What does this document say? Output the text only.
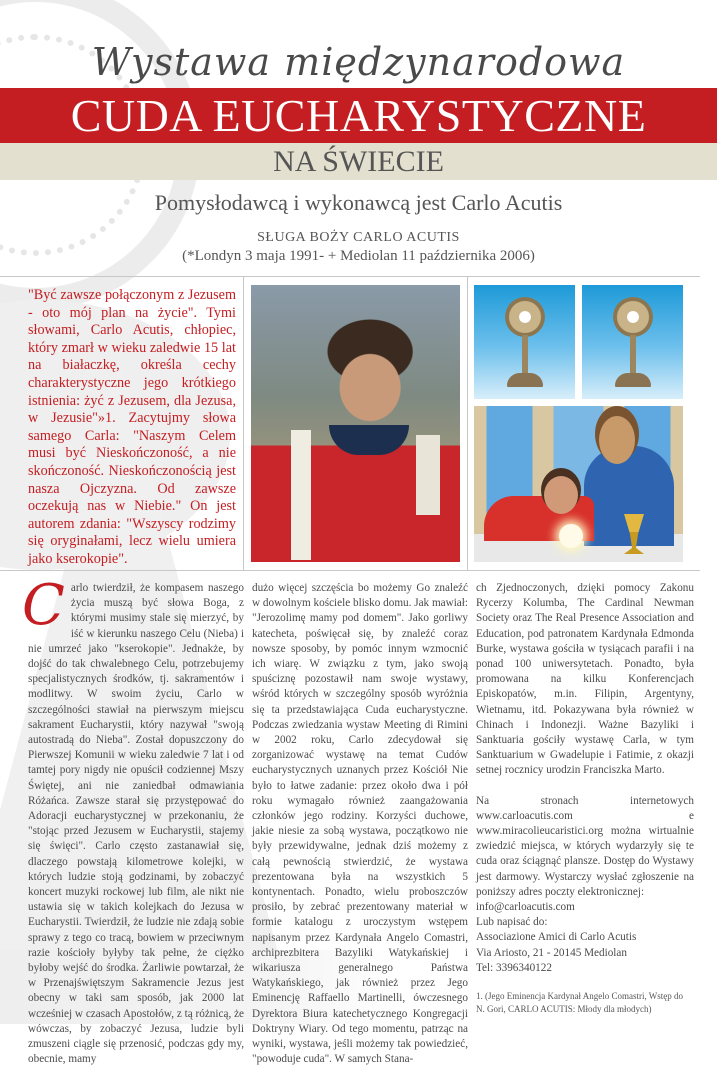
Wystawa międzynarodowa
CUDA EUCHARYSTYCZNE
NA ŚWIECIE
Pomysłodawcą i wykonawcą jest Carlo Acutis
SŁUGA BOŻY CARLO ACUTIS
(*Londyn 3 maja 1991- + Mediolan 11 października 2006)
"Być zawsze połączonym z Jezusem - oto mój plan na życie". Tymi słowami, Carlo Acutis, chłopiec, który zmarł w wieku zaledwie 15 lat na białaczkę, określa cechy charakterystyczne jego krótkiego istnienia: żyć z Jezusem, dla Jezusa, w Jezusie"»1. Zacytujmy słowa samego Carla: "Naszym Celem musi być Nieskończoność, a nie skończoność. Nieskończonością jest nasza Ojczyzna. Od zawsze oczekują nas w Niebie." On jest autorem zdania: "Wszyscy rodzimy się oryginałami, lecz wielu umiera jako kserokopie".
C arlo twierdził, że kompasem naszego życia muszą być słowa Boga, z którymi musimy stale się mierzyć, by iść w kierunku naszego Celu (Nieba) i nie umrzeć jako "kserokopie". Jednakże, by dojść do tak chwalebnego Celu, potrzebujemy specjalistycznych środków, tj. sakramentów i modlitwy. W swoim życiu, Carlo w szczególności stawiał na pierwszym miejscu sakrament Eucharystii, który nazywał "swoją autostradą do Nieba". Został dopuszczony do Pierwszej Komunii w wieku zaledwie 7 lat i od tamtej pory nigdy nie opuścił codziennej Mszy Świętej, ani nie zaniedbał odmawiania Różańca. Zawsze starał się przystępować do Adoracji eucharystycznej w przekonaniu, że "stojąc przed Jezusem w Eucharystii, stajemy się święci". Carlo często zastanawiał się, dlaczego powstają kilometrowe kolejki, w których ludzie stoją godzinami, by zobaczyć koncert muzyki rockowej lub film, ale nikt nie ustawia się w takich kolejkach do Jezusa w Eucharystii. Twierdził, że ludzie nie zdają sobie sprawy z tego co tracą, bowiem w przeciwnym razie kościoły byłyby tak pełne, że ciężko byłoby wejść do środka. Żarliwie powtarzał, że w Przenajświętszym Sakramencie Jezus jest obecny w taki sam sposób, jak 2000 lat wcześniej w czasach Apostołów, z tą różnicą, że wówczas, by zobaczyć Jezusa, ludzie byli zmuszeni ciągle się przenosić, podczas gdy my, obecnie, mamy

dużo więcej szczęścia bo możemy Go znaleźć w dowolnym kościele blisko domu. Jak mawiał: "Jerozolimę mamy pod domem". Jako gorliwy katecheta, poświęcał się, by znaleźć coraz nowsze sposoby, by pomóc innym wzmocnić ich wiarę. W związku z tym, jako swoją spuściznę pozostawił nam swoje wystawy, wśród których w szczególny sposób wyróżnia się ta przedstawiająca Cuda eucharystyczne. Podczas zwiedzania wystaw Meeting di Rimini w 2002 roku, Carlo zdecydował się zorganizować wystawę na temat Cudów eucharystycznych uznanych przez Kościół Nie było to łatwe zadanie: przez około dwa i pół roku wymagało również zaangażowania członków jego rodziny. Korzyści duchowe, jakie niesie za sobą wystawa, początkowo nie były przewidywalne, jednak dziś możemy z całą pewnością stwierdzić, że wystawa prezentowana była na wszystkich 5 kontynentach. Ponadto, wielu proboszczów prosiło, by zebrać prezentowany materiał w formie katalogu z uroczystym wstępem napisanym przez Kardynała Angelo Comastri, archiprezbitera Bazyliki Watykańskiej i wikariusza generalnego Państwa Watykańskiego, jak również przez Jego Eminencję Raffaello Martinelli, ówczesnego Dyrektora Biura katechetycznego Kongregacji Doktryny Wiary. Od tego momentu, patrząc na wyniki, wystawa, jeśli możemy tak powiedzieć, "powoduje cuda". W samych Stana-

ch Zjednoczonych, dzięki pomocy Zakonu Rycerzy Kolumba, The Cardinal Newman Society oraz The Real Presence Association and Education, pod patronatem Kardynała Edmonda Burke, wystawa gościła w tysiącach parafii i na ponad 100 uniwersytetach. Ponadto, była promowana na kilku Konferencjach Episkopatów, m.in. Filipin, Argentyny, Wietnamu, itd. Pokazywana była również w Chinach i Indonezji. Ważne Bazyliki i Sanktuaria gościły wystawę Carla, w tym Sanktuarium w Gwadelupie i Fatimie, z okazji setnej rocznicy urodzin Franciszka Marto.

Na stronach internetowych www.carloacutis.com e www.miracolieucaristici.org można wirtualnie zwiedzić miejsca, w których wydarzyły się te cuda oraz ściągnąć plansze. Dostęp do Wystawy jest darmowy. Wystarczy wysłać zgłoszenie na poniższy adres poczty elektronicznej:

info@carloacutis.com

Lub napisać do:

Associazione Amici di Carlo Acutis

Via Ariosto, 21 - 20145 Mediolan

Tel: 3396340122

1. (Jego Eminencja Kardynał Angelo Comastri, Wstęp do N. Gori, CARLO ACUTIS: Młody dla młodych)
